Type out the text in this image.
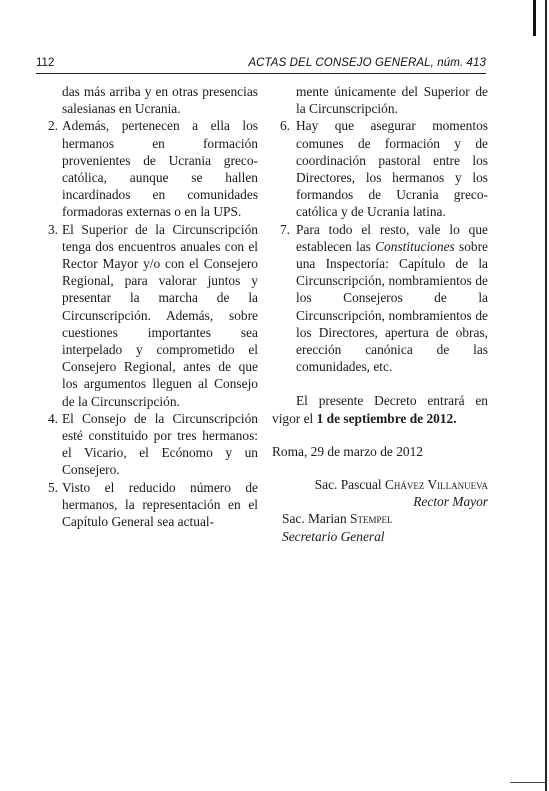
112	ACTAS DEL CONSEJO GENERAL, núm. 413

das más arriba y en otras presencias salesianas en Ucrania.

2. Además, pertenecen a ella los hermanos en formación provenientes de Ucrania greco-católica, aunque se hallen incardinados en comunidades formadoras externas o en la UPS.
3. El Superior de la Circunscripción tenga dos encuentros anuales con el Rector Mayor y/o con el Consejero Regional, para valorar juntos y presentar la marcha de la Circunscripción. Además, sobre cuestiones importantes sea interpelado y comprometido el Consejero Regional, antes de que los argumentos lleguen al Consejo de la Circunscripción.
4. El Consejo de la Circunscripción esté constituido por tres hermanos: el Vicario, el Ecónomo y un Consejero.
5. Visto el reducido número de hermanos, la representación en el Capítulo General sea actual-

mente únicamente del Superior de la Circunscripción.

6. Hay que asegurar momentos comunes de formación y de coordinación pastoral entre los Directores, los hermanos y los formandos de Ucrania greco-católica y de Ucrania latina.
7. Para todo el resto, vale lo que establecen las Constituciones sobre una Inspectoría: Capítulo de la Circunscripción, nombramientos de los Consejeros de la Circunscripción, nombramientos de los Directores, apertura de obras, erección canónica de las comunidades, etc.

El presente Decreto entrará en vigor el 1 de septiembre de 2012.

Roma, 29 de marzo de 2012

Sac. Pascual Chávez Villanueva

Rector Mayor

Sac. Marian Stempel

Secretario General
